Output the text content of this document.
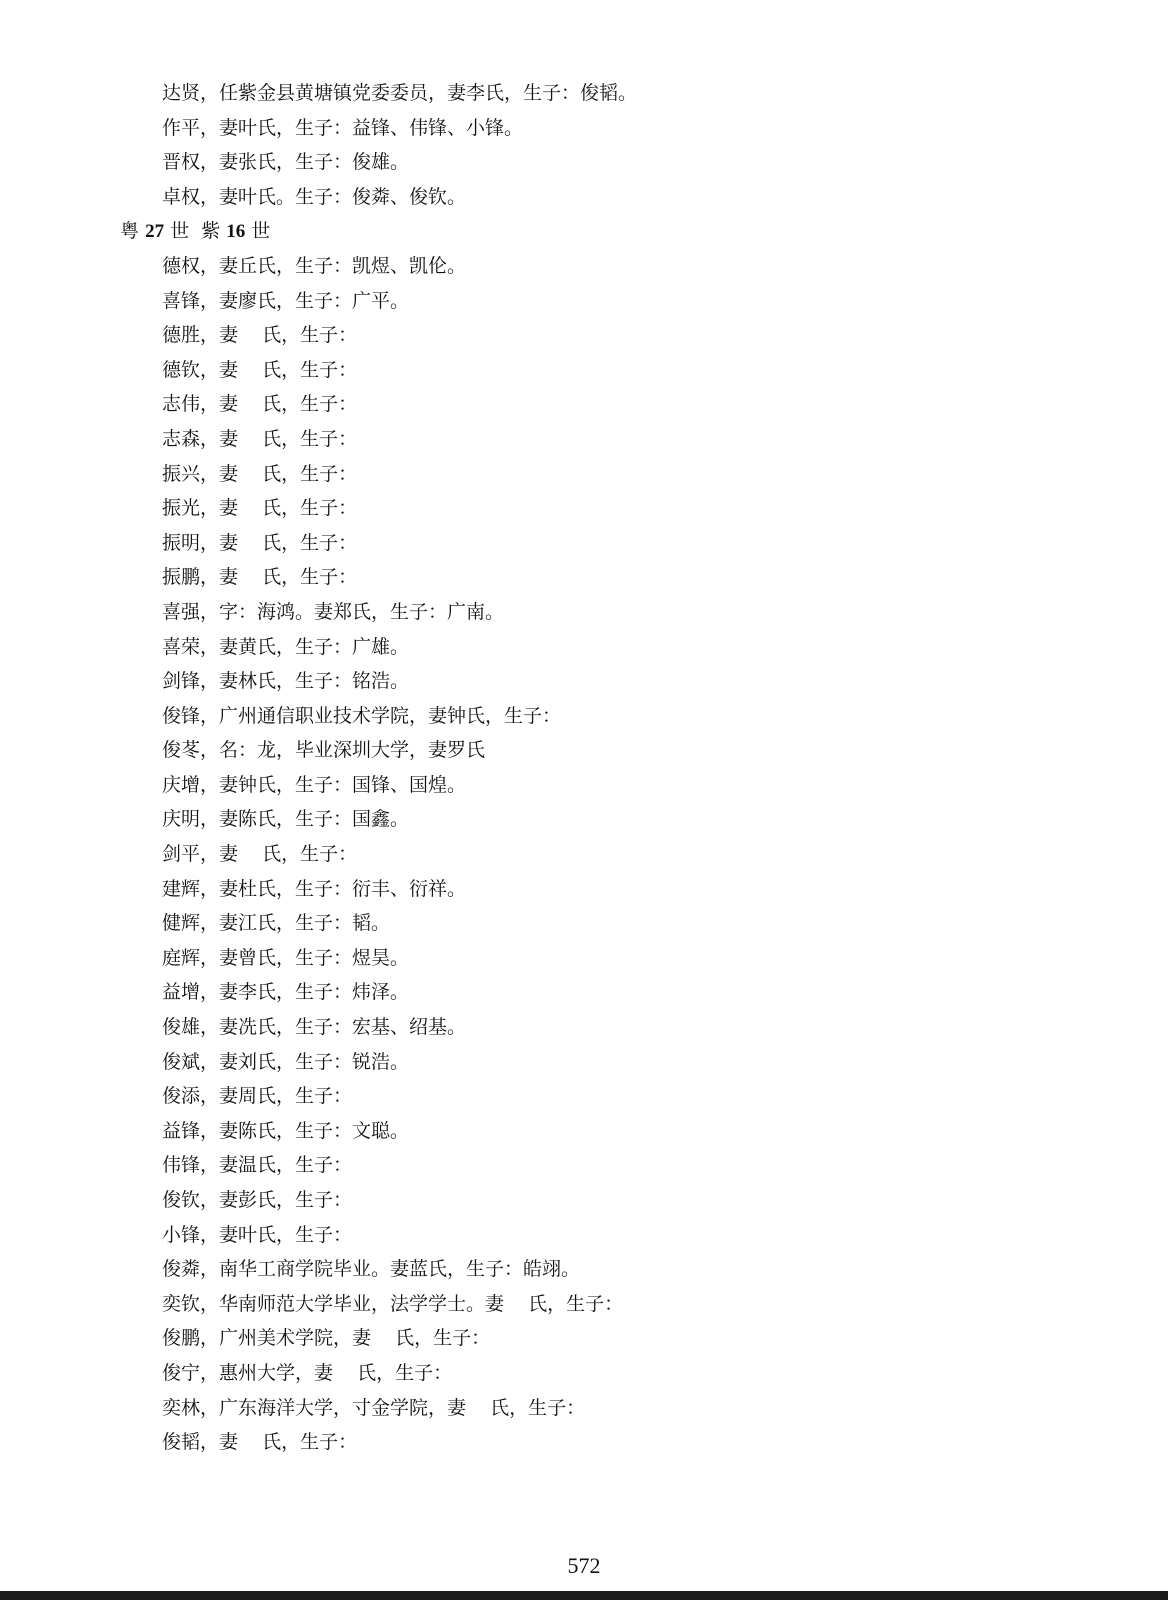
达贤，任紫金县黄塘镇党委委员，妻李氏，生子：俊韬。
作平，妻叶氏，生子：益锋、伟锋、小锋。
晋权，妻张氏，生子：俊雄。
卓权，妻叶氏。生子：俊粦、俊钦。
粤 27 世  紫 16 世
德权，妻丘氏，生子：凯煜、凯伦。
喜锋，妻廖氏，生子：广平。
德胜，妻    氏，生子：
德钦，妻    氏，生子：
志伟，妻    氏，生子：
志森，妻    氏，生子：
振兴，妻    氏，生子：
振光，妻    氏，生子：
振明，妻    氏，生子：
振鹏，妻    氏，生子：
喜强，字：海鸿。妻郑氏，生子：广南。
喜荣，妻黄氏，生子：广雄。
剑锋，妻林氏，生子：铭浩。
俊锋，广州通信职业技术学院，妻钟氏，生子：
俊苳，名：龙，毕业深圳大学，妻罗氏
庆增，妻钟氏，生子：国锋、国煌。
庆明，妻陈氏，生子：国鑫。
剑平，妻    氏，生子：
建辉，妻杜氏，生子：衍丰、衍祥。
健辉，妻江氏，生子：韬。
庭辉，妻曾氏，生子：煜昊。
益增，妻李氏，生子：炜泽。
俊雄，妻冼氏，生子：宏基、绍基。
俊斌，妻刘氏，生子：锐浩。
俊添，妻周氏，生子：
益锋，妻陈氏，生子：文聪。
伟锋，妻温氏，生子：
俊钦，妻彭氏，生子：
小锋，妻叶氏，生子：
俊粦，南华工商学院毕业。妻蓝氏，生子：皓翊。
奕钦，华南师范大学毕业，法学学士。妻    氏，生子：
俊鹏，广州美术学院，妻    氏，生子：
俊宁，惠州大学，妻    氏，生子：
奕林，广东海洋大学，寸金学院，妻    氏，生子：
俊韬，妻    氏，生子：
572
